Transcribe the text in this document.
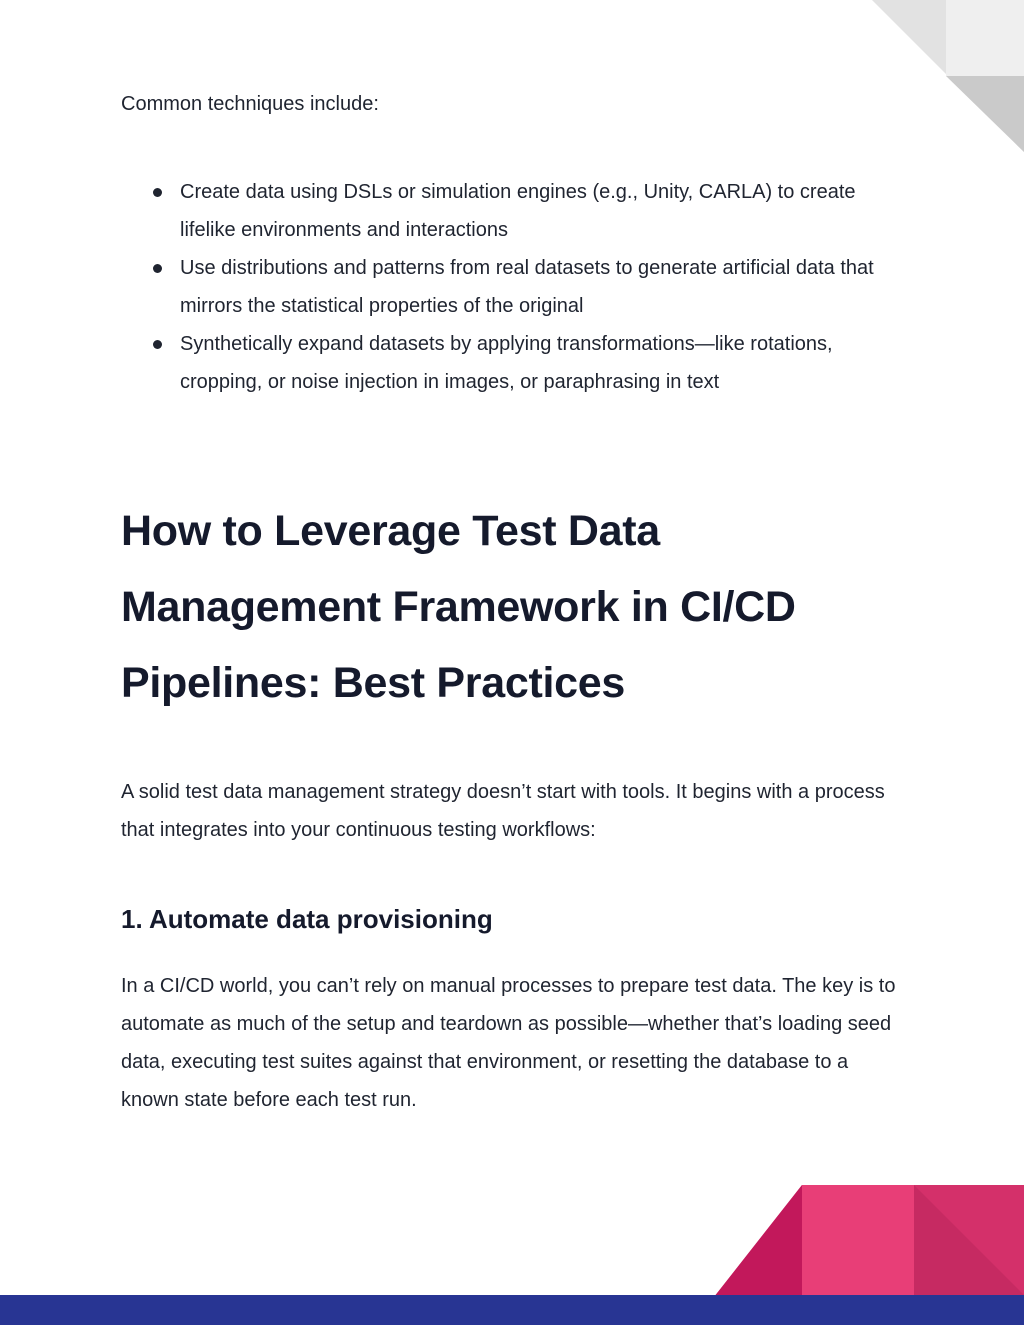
Common techniques include:

Create data using DSLs or simulation engines (e.g., Unity, CARLA) to create lifelike environments and interactions
Use distributions and patterns from real datasets to generate artificial data that mirrors the statistical properties of the original
Synthetically expand datasets by applying transformations—like rotations, cropping, or noise injection in images, or paraphrasing in text
How to Leverage Test Data Management Framework in CI/CD Pipelines: Best Practices

A solid test data management strategy doesn’t start with tools. It begins with a process that integrates into your continuous testing workflows:

1. Automate data provisioning

In a CI/CD world, you can’t rely on manual processes to prepare test data. The key is to automate as much of the setup and teardown as possible—whether that’s loading seed data, executing test suites against that environment, or resetting the database to a known state before each test run.
